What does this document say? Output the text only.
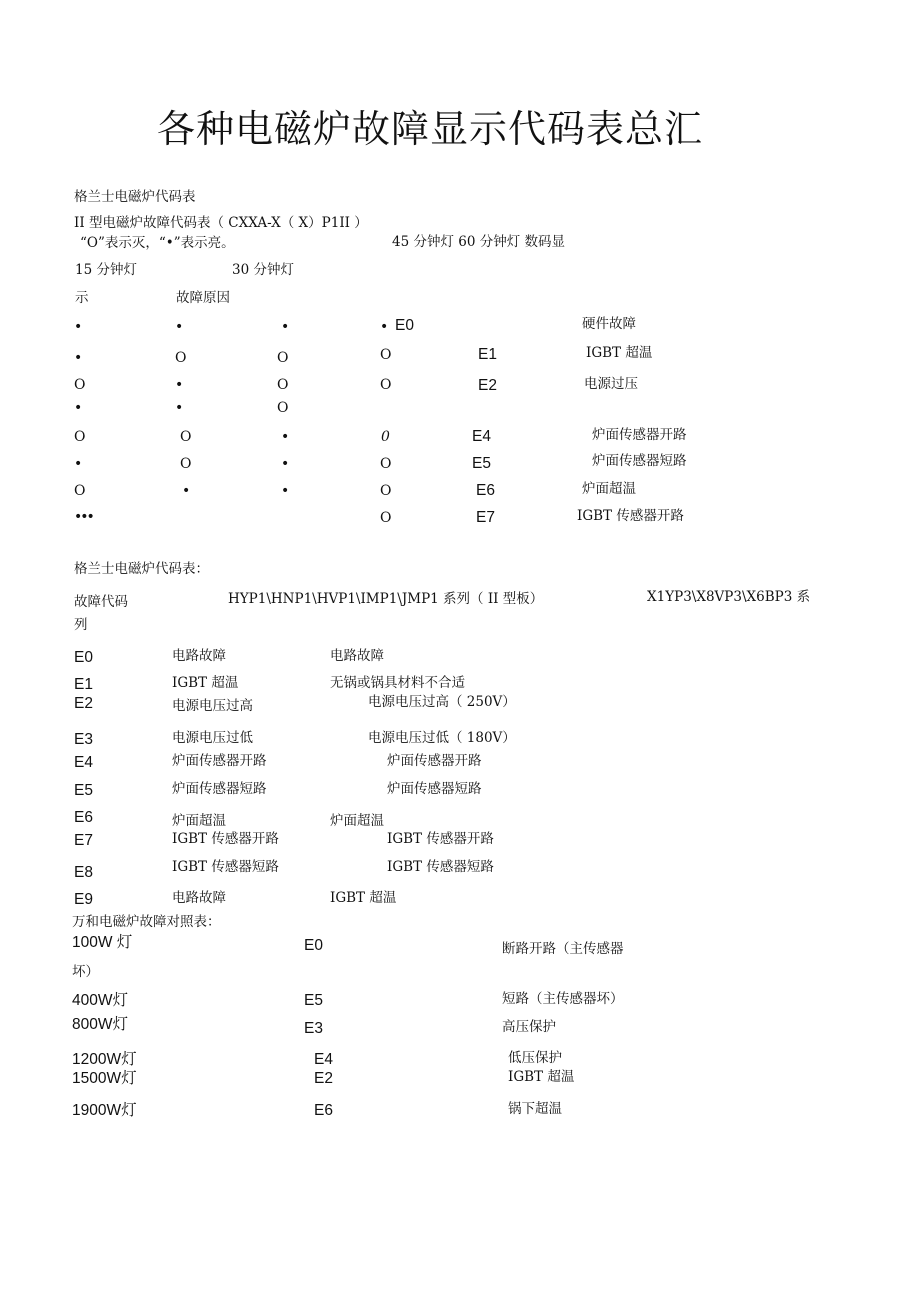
各种电磁炉故障显示代码表总汇
格兰士电磁炉代码表
II 型电磁炉故障代码表（ CXXA-X（ X）P1II ）
“O”表示灭，“•”表示亮。	45 分钟灯 60 分钟灯 数码显
15 分钟灯	30 分钟灯
示	故障原因
•	•	•	• E0	硬件故障
•	O	O	O	E1	IGBT 超温
O	•	O	O	E2	电源过压
•	•	O
O	O	•	0	E4	炉面传感器开路
•	O	•	O	E5	炉面传感器短路
O	•	•	O	E6	炉面超温
•••	O	E7	IGBT 传感器开路
格兰士电磁炉代码表：
故障代码	HYP1\HNP1\HVP1\IMP1\JMP1 系列（ II 型板）	X1YP3\X8VP3\X6BP3 系
列
E0	电路故障	电路故障
E1	IGBT 超温	无锅或锅具材料不合适
E2	电源电压过高	电源电压过高（ 250V）
E3	电源电压过低	电源电压过低（ 180V）
E4	炉面传感器开路	炉面传感器开路
E5	炉面传感器短路	炉面传感器短路
E6	炉面超温	炉面超温
E7	IGBT 传感器开路	IGBT 传感器开路
E8	IGBT 传感器短路	IGBT 传感器短路
E9	电路故障	IGBT 超温
万和电磁炉故障对照表：
100W 灯	E0	断路开路（主传感器
坏）
400W灯	E5	短路（主传感器坏）
800W灯	E3	高压保护
1200W灯	E4	低压保护
1500W灯	E2	IGBT 超温
1900W灯	E6	锅下超温
